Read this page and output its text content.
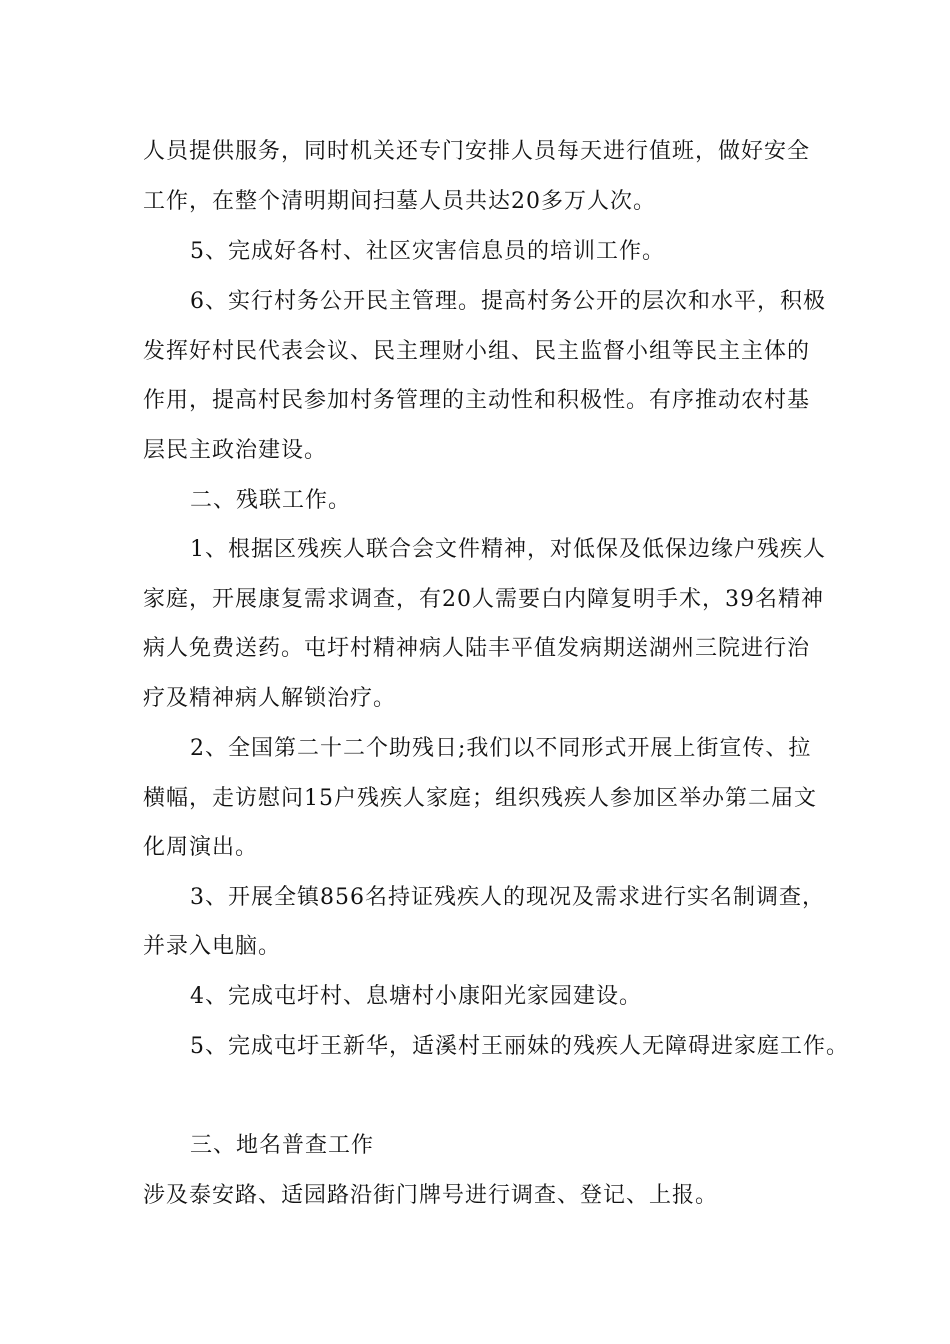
人员提供服务，同时机关还专门安排人员每天进行值班，做好安全

工作，在整个清明期间扫墓人员共达20多万人次。

5、完成好各村、社区灾害信息员的培训工作。

6、实行村务公开民主管理。提高村务公开的层次和水平，积极

发挥好村民代表会议、民主理财小组、民主监督小组等民主主体的

作用，提高村民参加村务管理的主动性和积极性。有序推动农村基

层民主政治建设。

二、残联工作。

1、根据区残疾人联合会文件精神，对低保及低保边缘户残疾人

家庭，开展康复需求调查，有20人需要白内障复明手术，39名精神

病人免费送药。屯圩村精神病人陆丰平值发病期送湖州三院进行治

疗及精神病人解锁治疗。

2、全国第二十二个助残日;我们以不同形式开展上街宣传、拉

横幅，走访慰问15户残疾人家庭；组织残疾人参加区举办第二届文

化周演出。

3、开展全镇856名持证残疾人的现况及需求进行实名制调查，

并录入电脑。

4、完成屯圩村、息塘村小康阳光家园建设。

5、完成屯圩王新华，适溪村王丽妹的残疾人无障碍进家庭工作。

三、地名普查工作

涉及泰安路、适园路沿街门牌号进行调查、登记、上报。
